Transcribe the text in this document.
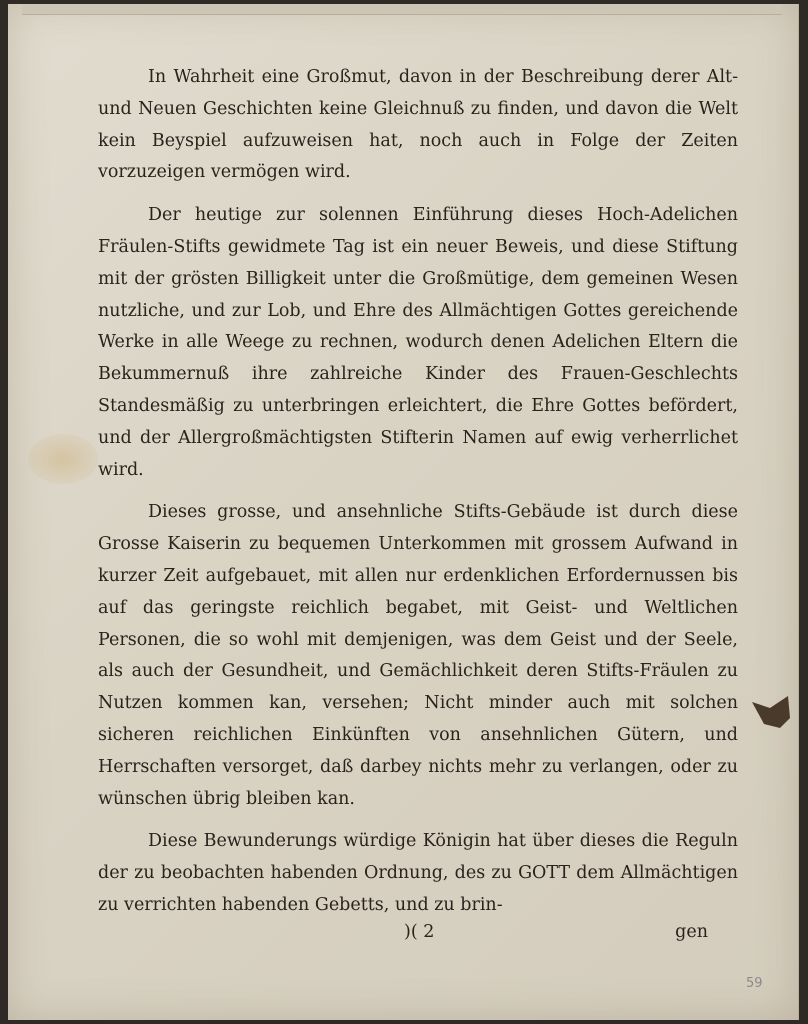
In Wahrheit eine Großmut, davon in der Beschreibung derer Alt- und Neuen Geschichten keine Gleichnuß zu finden, und davon die Welt kein Beyspiel aufzuweisen hat, noch auch in Folge der Zeiten vorzuzeigen vermögen wird.

Der heutige zur solennen Einführung dieses Hoch-Adelichen Fräulen-Stifts gewidmete Tag ist ein neuer Beweis, und diese Stiftung mit der grösten Billigkeit unter die Großmütige, dem gemeinen Wesen nutzliche, und zur Lob, und Ehre des Allmächtigen Gottes gereichende Werke in alle Weege zu rechnen, wodurch denen Adelichen Eltern die Bekummernuß ihre zahlreiche Kinder des Frauen-Geschlechts Standesmäßig zu unterbringen erleichtert, die Ehre Gottes befördert, und der Allergroßmächtigsten Stifterin Namen auf ewig verherrlichet wird.

Dieses grosse, und ansehnliche Stifts-Gebäude ist durch diese Grosse Kaiserin zu bequemen Unterkommen mit grossem Aufwand in kurzer Zeit aufgebauet, mit allen nur erdenklichen Erfordernussen bis auf das geringste reichlich begabet, mit Geist- und Weltlichen Personen, die so wohl mit demjenigen, was dem Geist und der Seele, als auch der Gesundheit, und Gemächlichkeit deren Stifts-Fräulen zu Nutzen kommen kan, versehen; Nicht minder auch mit solchen sicheren reichlichen Einkünften von ansehnlichen Gütern, und Herrschaften versorget, daß darbey nichts mehr zu verlangen, oder zu wünschen übrig bleiben kan.

Diese Bewunderungs würdige Königin hat über dieses die Reguln der zu beobachten habenden Ordnung, des zu GOTT dem Allmächtigen zu verrichten habenden Gebetts, und zu brin-

)( 2	gen
59
